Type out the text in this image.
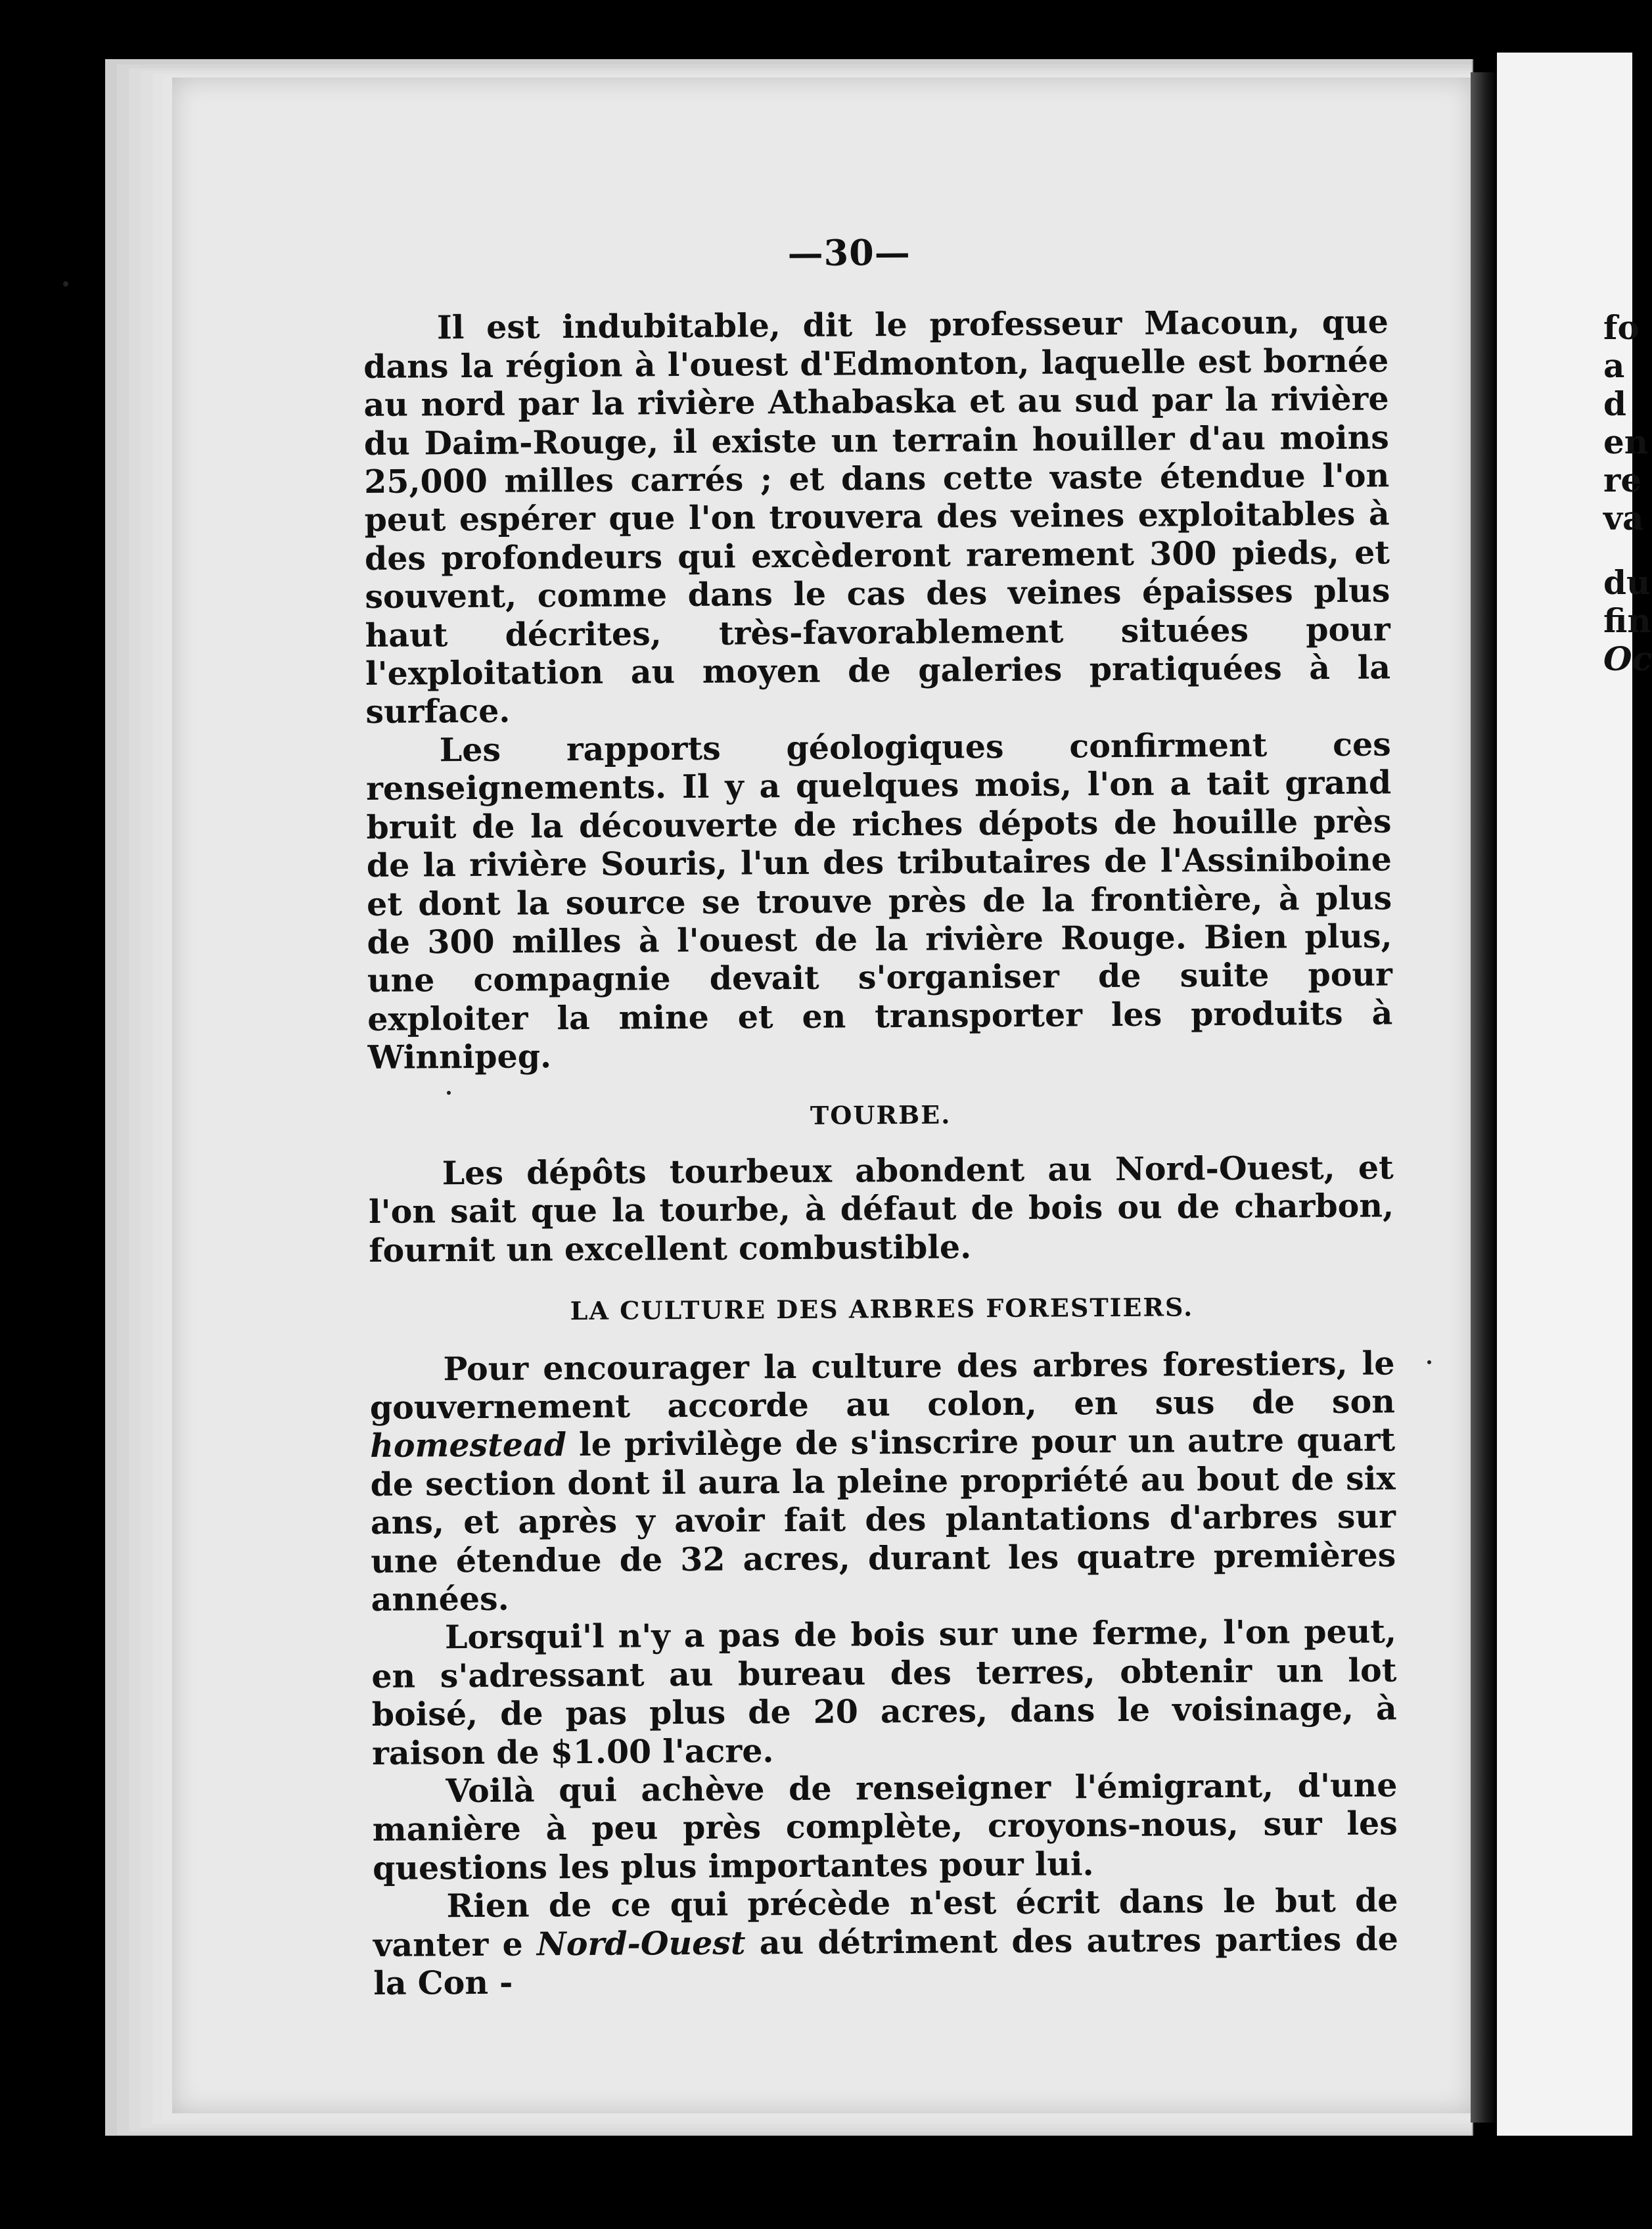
fo
a
d
en
re
va
du
fin
Oc
—30—

Il est indubitable, dit le professeur Macoun, que dans la région à l'ouest d'Edmonton, laquelle est bornée au nord par la rivière Athabaska et au sud par la rivière du Daim-Rouge, il existe un terrain houiller d'au moins 25,000 milles carrés ; et dans cette vaste étendue l'on peut espérer que l'on trouvera des veines exploitables à des profondeurs qui excèderont rarement 300 pieds, et souvent, comme dans le cas des veines épaisses plus haut décrites, très-favorablement situées pour l'exploitation au moyen de galeries pratiquées à la surface.

Les rapports géologiques confirment ces renseignements. Il y a quelques mois, l'on a tait grand bruit de la découverte de riches dépots de houille près de la rivière Souris, l'un des tributaires de l'Assiniboine et dont la source se trouve près de la frontière, à plus de 300 milles à l'ouest de la rivière Rouge. Bien plus, une compagnie devait s'organiser de suite pour exploiter la mine et en transporter les produits à Winnipeg.

TOURBE.

Les dépôts tourbeux abondent au Nord-Ouest, et l'on sait que la tourbe, à défaut de bois ou de charbon, fournit un excellent combustible.

LA CULTURE DES ARBRES FORESTIERS.

Pour encourager la culture des arbres forestiers, le gouvernement accorde au colon, en sus de son homestead le privilège de s'inscrire pour un autre quart de section dont il aura la pleine propriété au bout de six ans, et après y avoir fait des plantations d'arbres sur une étendue de 32 acres, durant les quatre premières années.

Lorsqui'l n'y a pas de bois sur une ferme, l'on peut, en s'adressant au bureau des terres, obtenir un lot boisé, de pas plus de 20 acres, dans le voisinage, à raison de $1.00 l'acre.

Voilà qui achève de renseigner l'émigrant, d'une manière à peu près complète, croyons-nous, sur les questions les plus importantes pour lui.

Rien de ce qui précède n'est écrit dans le but de vanter e Nord-Ouest au détriment des autres parties de la Con -
